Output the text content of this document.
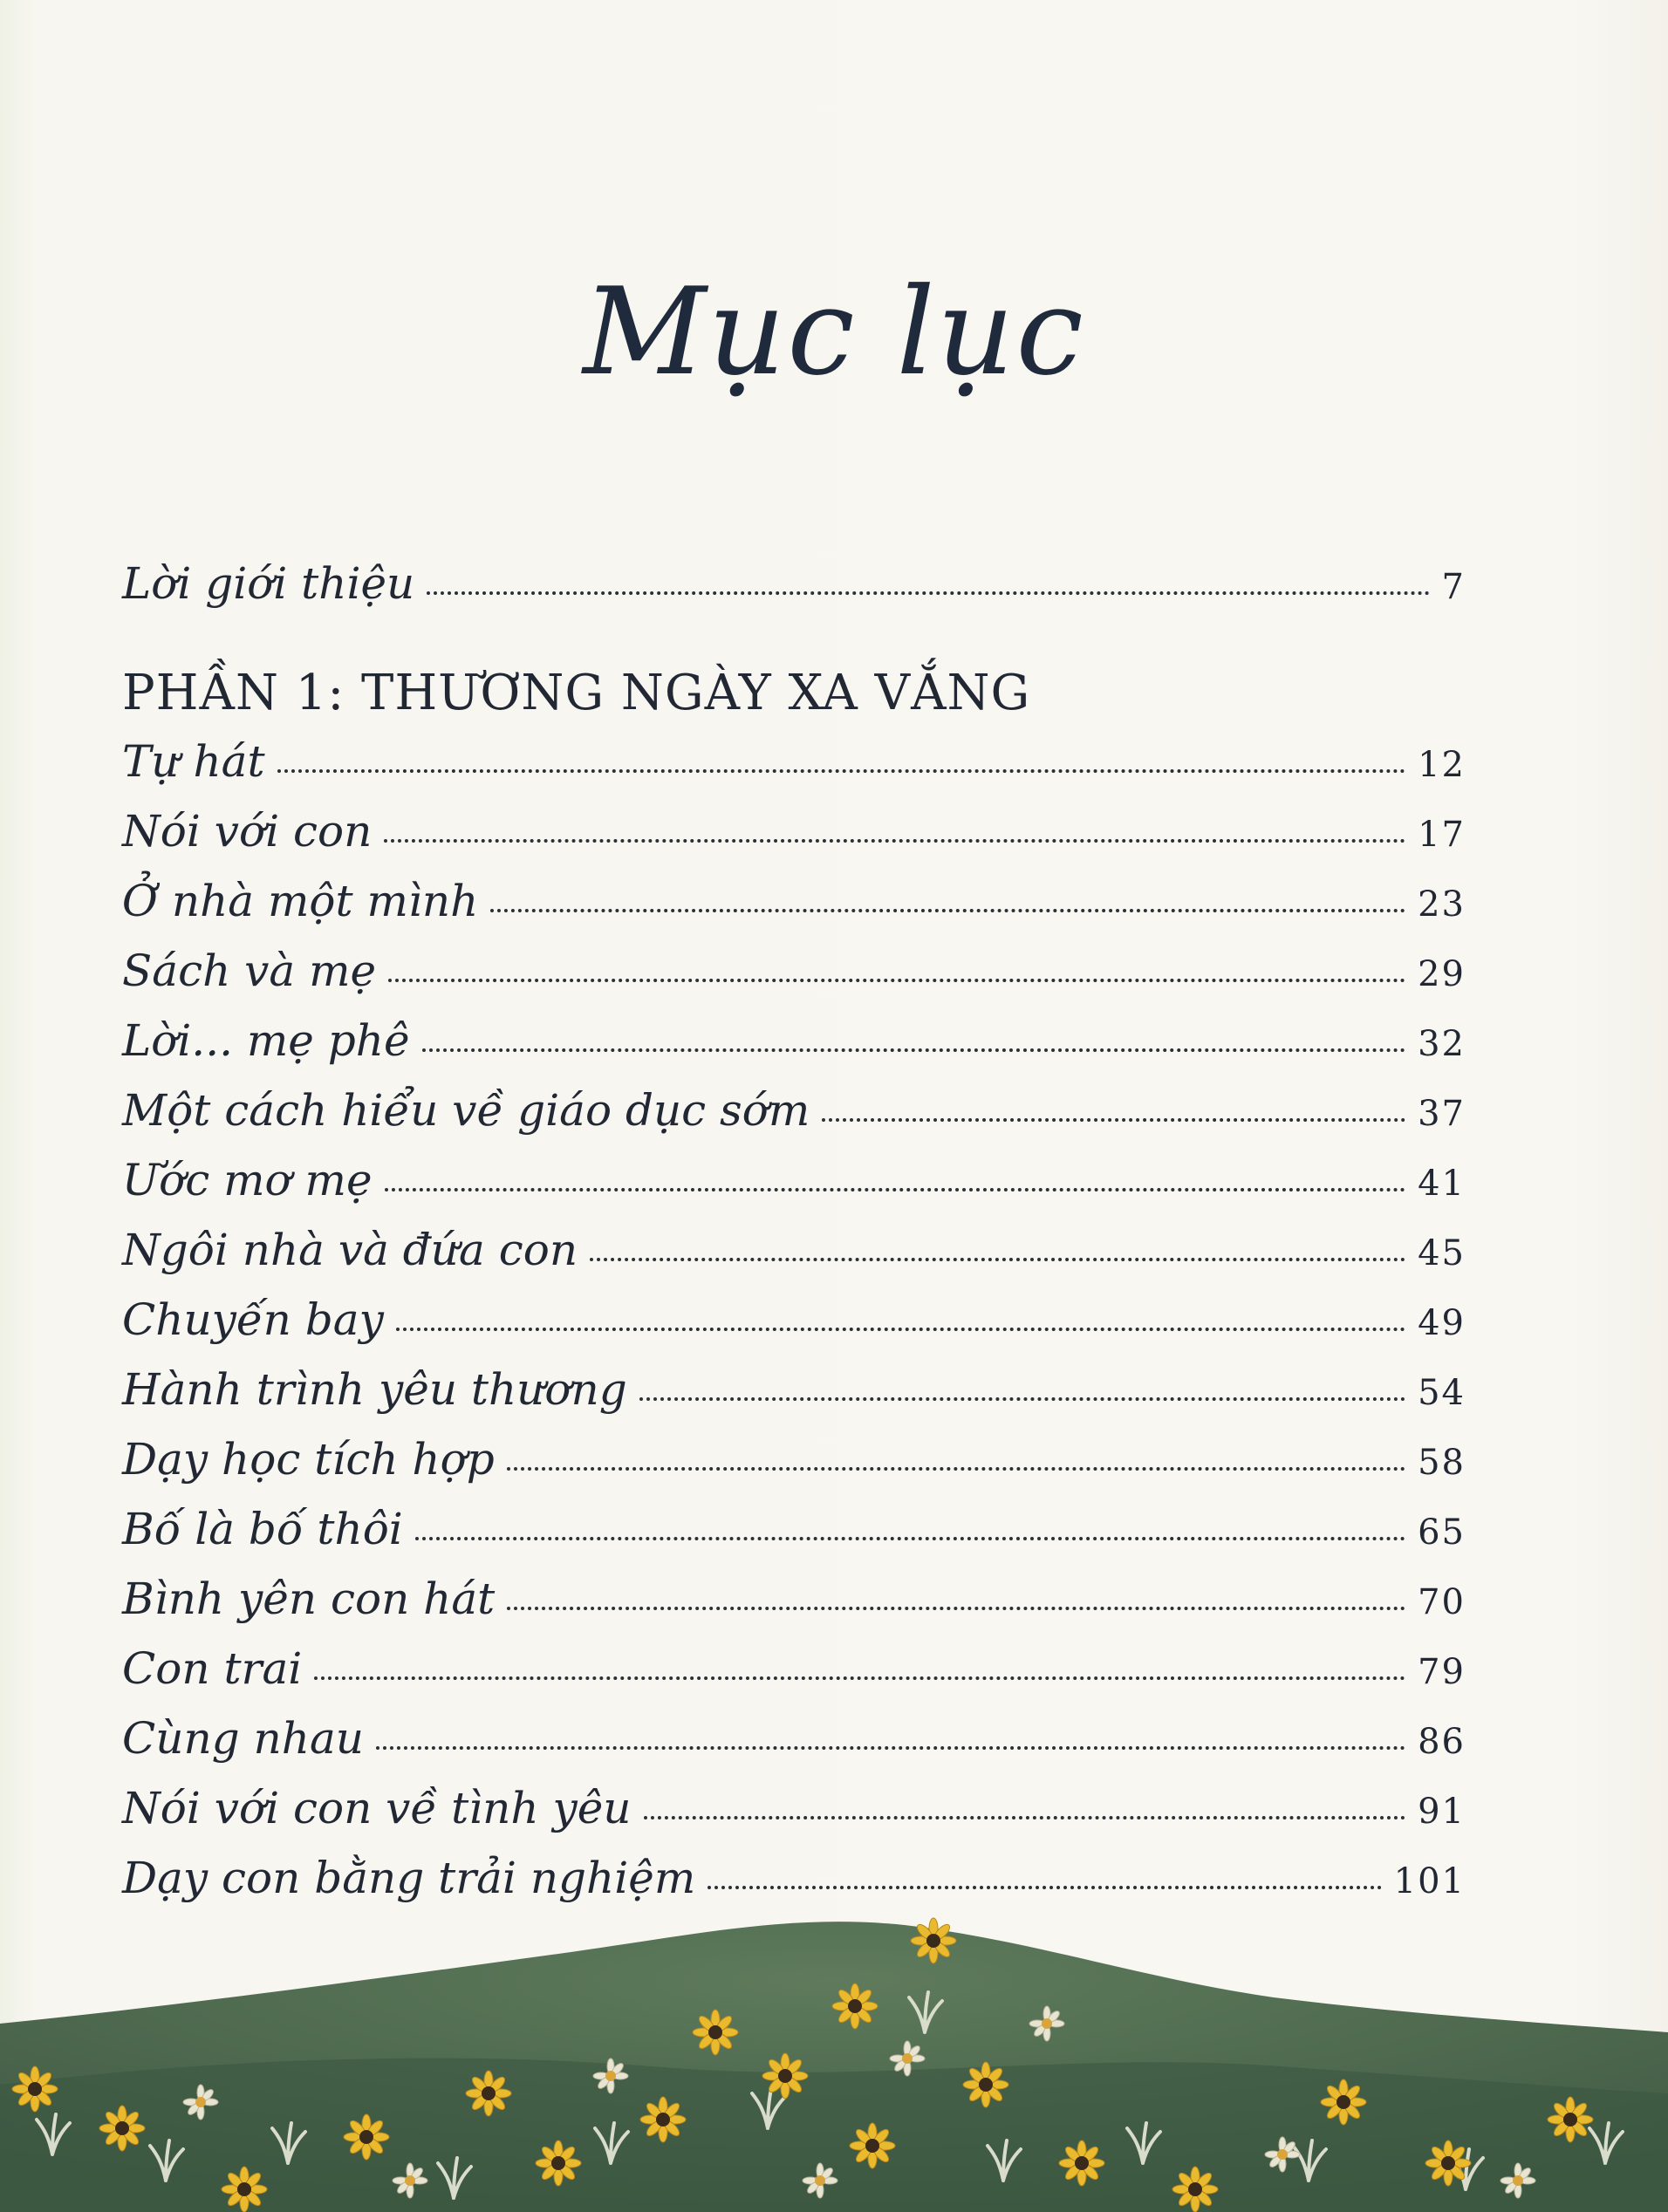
Mục lục
Lời giới thiệu	7
PHẦN 1: THƯƠNG NGÀY XA VẮNG
Tự hát	12
Nói với con	17
Ở nhà một mình	23
Sách và mẹ	29
Lời... mẹ phê	32
Một cách hiểu về giáo dục sớm	37
Ước mơ mẹ	41
Ngôi nhà và đứa con	45
Chuyến bay	49
Hành trình yêu thương	54
Dạy học tích hợp	58
Bố là bố thôi	65
Bình yên con hát	70
Con trai	79
Cùng nhau	86
Nói với con về tình yêu	91
Dạy con bằng trải nghiệm	101
